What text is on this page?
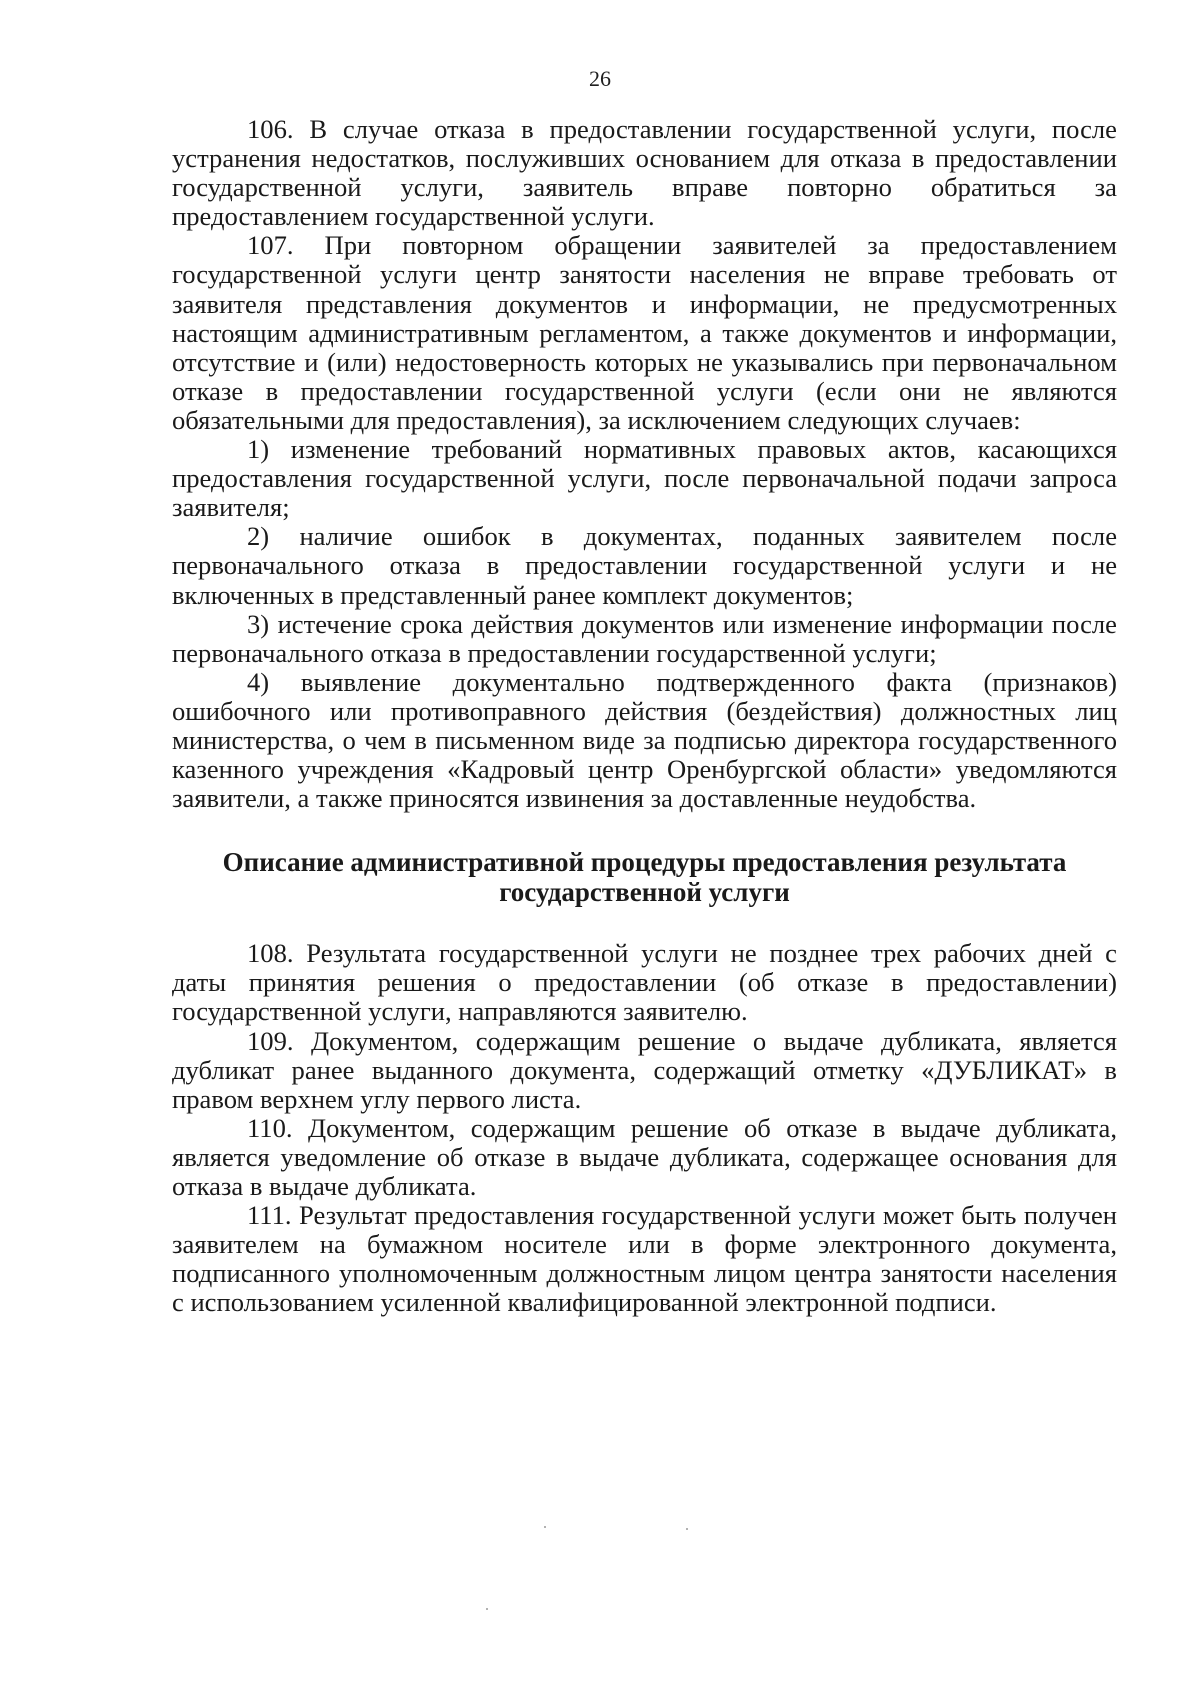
26

106. В случае отказа в предоставлении государственной услуги, после устранения недостатков, послуживших основанием для отказа в предоставлении государственной услуги, заявитель вправе повторно обратиться за предоставлением государственной услуги.

107. При повторном обращении заявителей за предоставлением государственной услуги центр занятости населения не вправе требовать от заявителя представления документов и информации, не предусмотренных настоящим административным регламентом, а также документов и информации, отсутствие и (или) недостоверность которых не указывались при первоначальном отказе в предоставлении государственной услуги (если они не являются обязательными для предоставления), за исключением следующих случаев:

1) изменение требований нормативных правовых актов, касающихся предоставления государственной услуги, после первоначальной подачи запроса заявителя;

2) наличие ошибок в документах, поданных заявителем после первоначального отказа в предоставлении государственной услуги и не включенных в представленный ранее комплект документов;

3) истечение срока действия документов или изменение информации после первоначального отказа в предоставлении государственной услуги;

4) выявление документально подтвержденного факта (признаков) ошибочного или противоправного действия (бездействия) должностных лиц министерства, о чем в письменном виде за подписью директора государственного казенного учреждения «Кадровый центр Оренбургской области» уведомляются заявители, а также приносятся извинения за доставленные неудобства.

Описание административной процедуры предоставления результата государственной услуги

108. Результата государственной услуги не позднее трех рабочих дней с даты принятия решения о предоставлении (об отказе в предоставлении) государственной услуги, направляются заявителю.

109. Документом, содержащим решение о выдаче дубликата, является дубликат ранее выданного документа, содержащий отметку «ДУБЛИКАТ» в правом верхнем углу первого листа.

110. Документом, содержащим решение об отказе в выдаче дубликата, является уведомление об отказе в выдаче дубликата, содержащее основания для отказа в выдаче дубликата.

111. Результат предоставления государственной услуги может быть получен заявителем на бумажном носителе или в форме электронного документа, подписанного уполномоченным должностным лицом центра занятости населения с использованием усиленной квалифицированной электронной подписи.
